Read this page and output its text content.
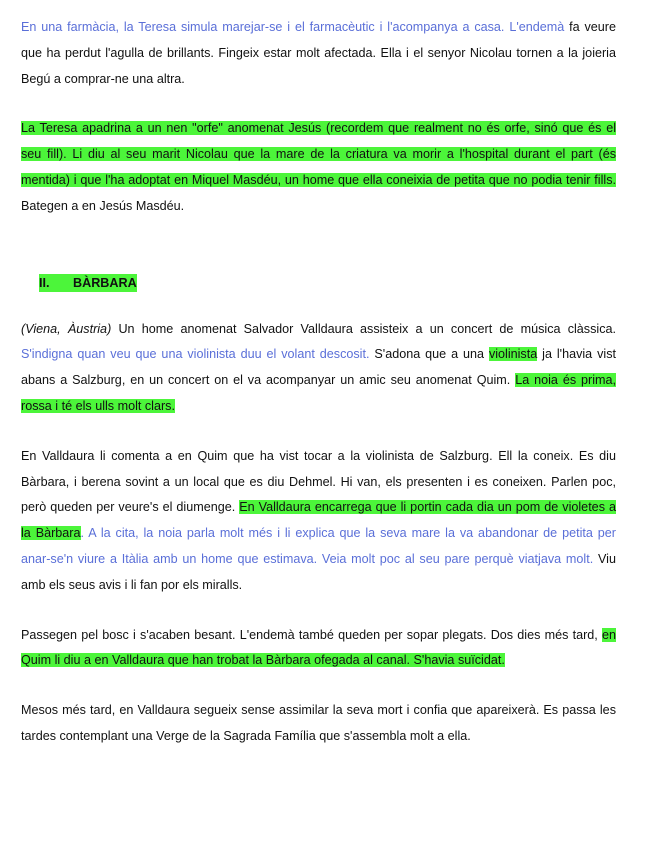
En una farmàcia, la Teresa simula marejar-se i el farmacèutic i l'acompanya a casa. L'endemà fa veure que ha perdut l'agulla de brillants. Fingeix estar molt afectada. Ella i el senyor Nicolau tornen a la joieria Begú a comprar-ne una altra.

La Teresa apadrina a un nen "orfe" anomenat Jesús (recordem que realment no és orfe, sinó que és el seu fill). Li diu al seu marit Nicolau que la mare de la criatura va morir a l'hospital durant el part (és mentida) i que l'ha adoptat en Miquel Masdéu, un home que ella coneixia de petita que no podia tenir fills. Bategen a en Jesús Masdéu.

II. BÀRBARA

(Viena, Àustria) Un home anomenat Salvador Valldaura assisteix a un concert de música clàssica. S'indigna quan veu que una violinista duu el volant descosit. S'adona que a una violinista ja l'havia vist abans a Salzburg, en un concert on el va acompanyar un amic seu anomenat Quim. La noia és prima, rossa i té els ulls molt clars.

En Valldaura li comenta a en Quim que ha vist tocar a la violinista de Salzburg. Ell la coneix. Es diu Bàrbara, i berena sovint a un local que es diu Dehmel. Hi van, els presenten i es coneixen. Parlen poc, però queden per veure's el diumenge. En Valldaura encarrega que li portin cada dia un pom de violetes a la Bàrbara. A la cita, la noia parla molt més i li explica que la seva mare la va abandonar de petita per anar-se'n viure a Itàlia amb un home que estimava. Veia molt poc al seu pare perquè viatjava molt. Viu amb els seus avis i li fan por els miralls.

Passegen pel bosc i s'acaben besant. L'endemà també queden per sopar plegats. Dos dies més tard, en Quim li diu a en Valldaura que han trobat la Bàrbara ofegada al canal. S'havia suïcidat.

Mesos més tard, en Valldaura segueix sense assimilar la seva mort i confia que apareixerà. Es passa les tardes contemplant una Verge de la Sagrada Família que s'assembla molt a ella.
